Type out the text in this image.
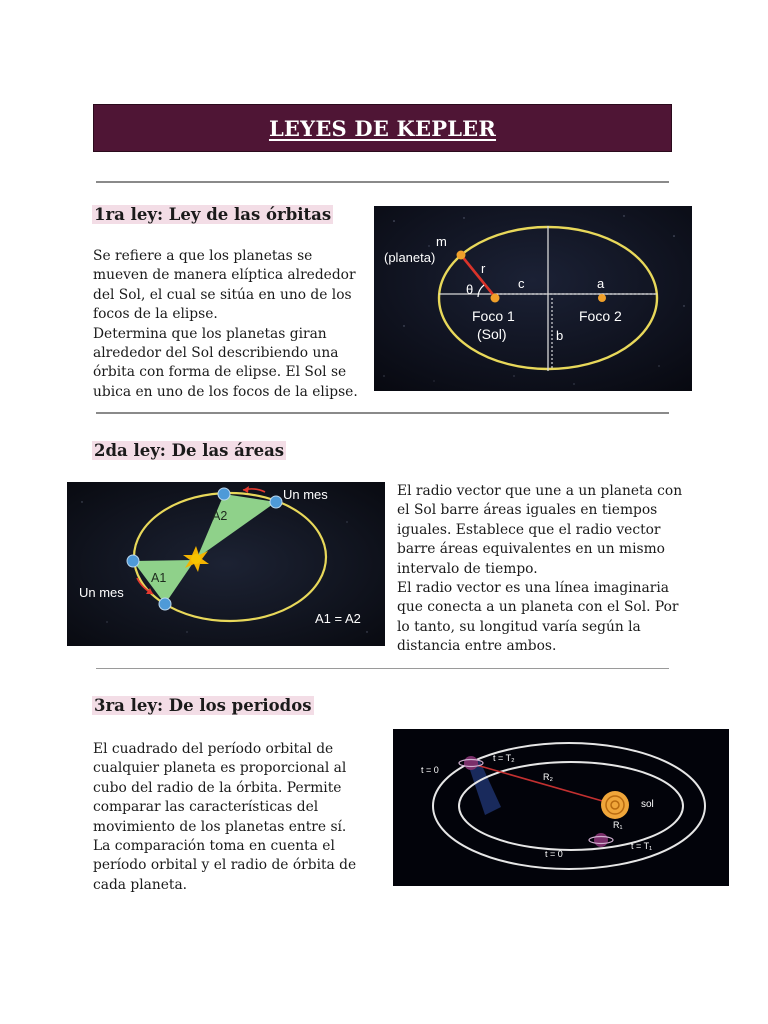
LEYES DE KEPLER
1ra ley: Ley de las órbitas
Se refiere a que los planetas se
mueven de manera elíptica alrededor
del Sol, el cual se sitúa en uno de los
focos de la elipse.
Determina que los planetas giran
alrededor del Sol describiendo una
órbita con forma de elipse. El Sol se
ubica en uno de los focos de la elipse.
m
(planeta)
r
θ	c	a
b
Foco 1
(Sol)
Foco 2
2da ley: De las áreas
A2
A1
Un mes
Un mes
A1 = A2
El radio vector que une a un planeta con
el Sol barre áreas iguales en tiempos
iguales. Establece que el radio vector
barre áreas equivalentes en un mismo
intervalo de tiempo.
El radio vector es una línea imaginaria
que conecta a un planeta con el Sol. Por
lo tanto, su longitud varía según la
distancia entre ambos.
3ra ley: De los periodos
El cuadrado del período orbital de
cualquier planeta es proporcional al
cubo del radio de la órbita. Permite
comparar las características del
movimiento de los planetas entre sí.
La comparación toma en cuenta el
período orbital y el radio de órbita de
cada planeta.
t = 0
t = T₂
R₂
sol
R₁
t = 0
t = T₁
